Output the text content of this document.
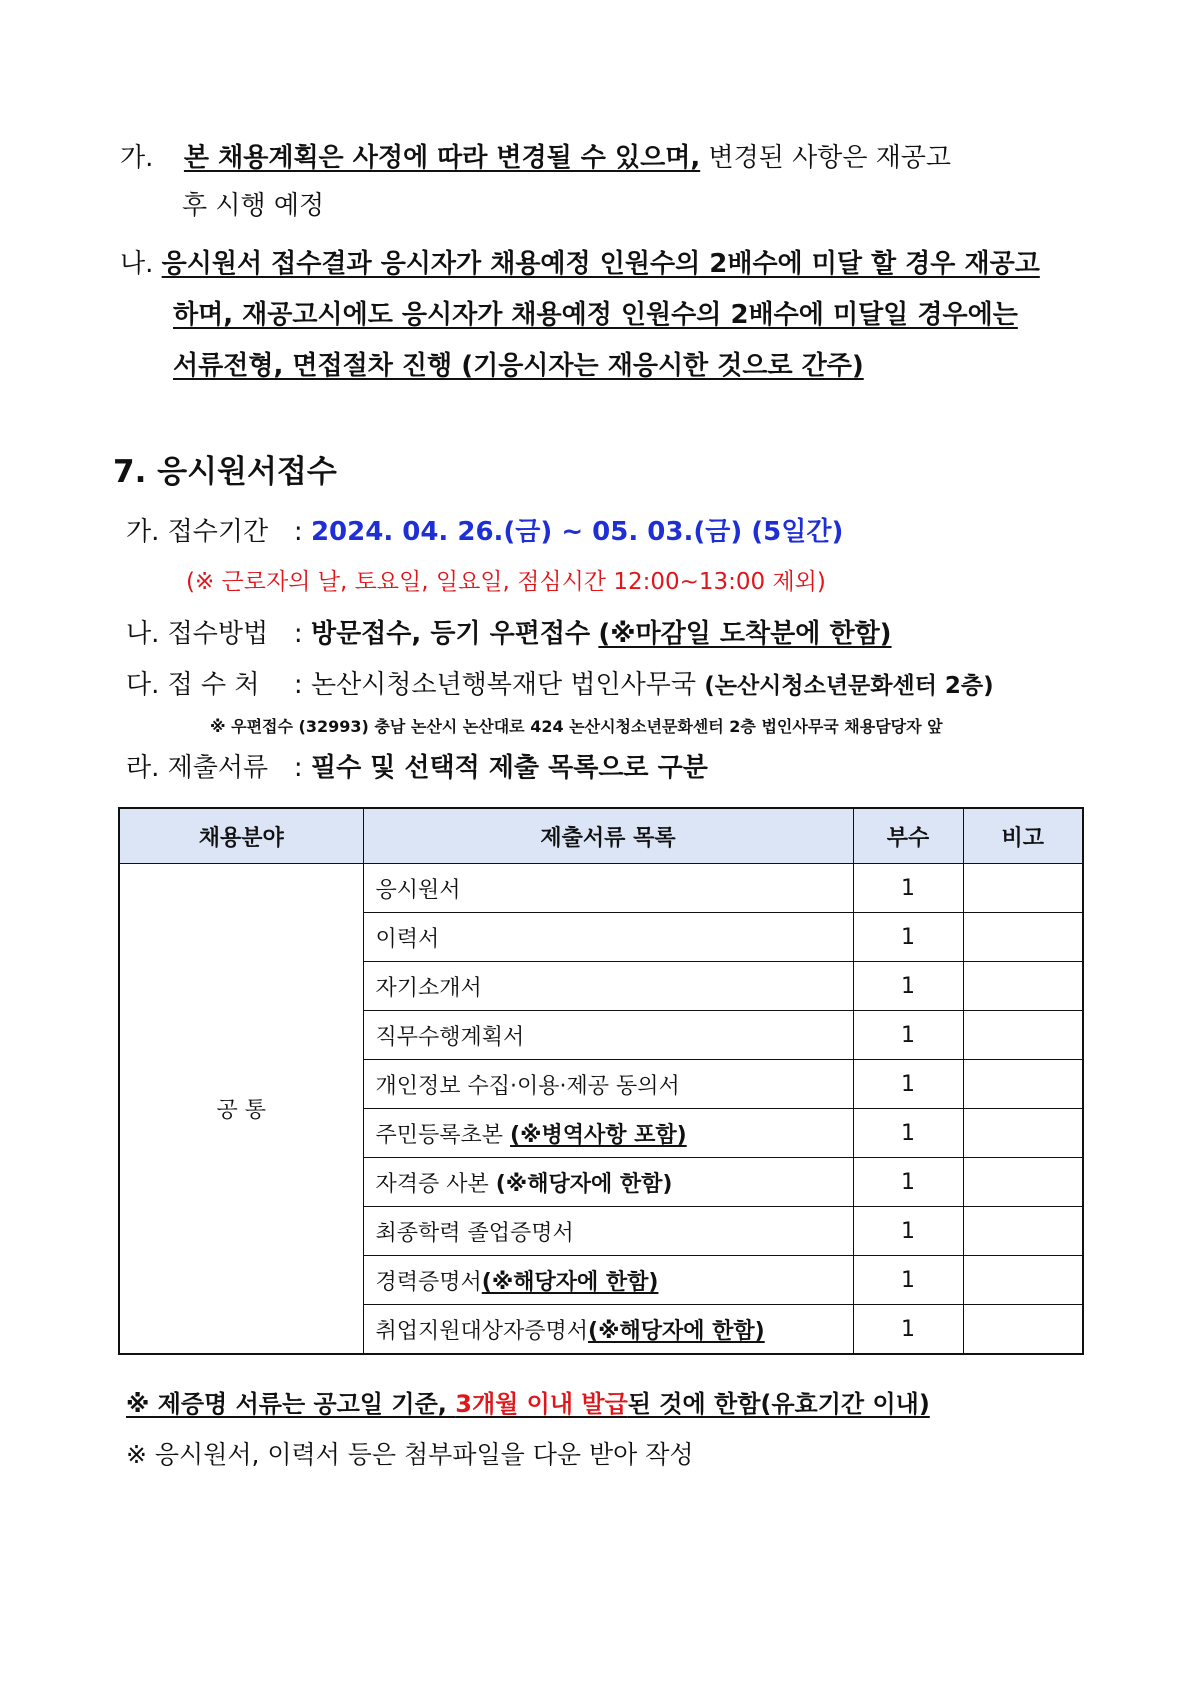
가. 본 채용계획은 사정에 따라 변경될 수 있으며, 변경된 사항은 재공고
후 시행 예정
나. 응시원서 접수결과 응시자가 채용예정 인원수의 2배수에 미달 할 경우 재공고
하며, 재공고시에도 응시자가 채용예정 인원수의 2배수에 미달일 경우에는
서류전형, 면접절차 진행 (기응시자는 재응시한 것으로 간주)
7. 응시원서접수
가. 접수기간 : 2024. 04. 26.(금) ~ 05. 03.(금) (5일간)
(※ 근로자의 날, 토요일, 일요일, 점심시간 12:00~13:00 제외)
나. 접수방법 : 방문접수, 등기 우편접수 (※마감일 도착분에 한함)
다. 접 수 처 : 논산시청소년행복재단 법인사무국 (논산시청소년문화센터 2층)
※ 우편접수 (32993) 충남 논산시 논산대로 424 논산시청소년문화센터 2층 법인사무국 채용담당자 앞
라. 제출서류 : 필수 및 선택적 제출 목록으로 구분
채용분야	제출서류 목록	부수	비고
공 통	응시원서	1	
	이력서	1	
	자기소개서	1	
	직무수행계획서	1	
	개인정보 수집·이용·제공 동의서	1	
	주민등록초본 (※병역사항 포함)	1	
	자격증 사본 (※해당자에 한함)	1	
	최종학력 졸업증명서	1	
	경력증명서(※해당자에 한함)	1	
	취업지원대상자증명서(※해당자에 한함)	1	
※ 제증명 서류는 공고일 기준, 3개월 이내 발급된 것에 한함(유효기간 이내)
※ 응시원서, 이력서 등은 첨부파일을 다운 받아 작성
